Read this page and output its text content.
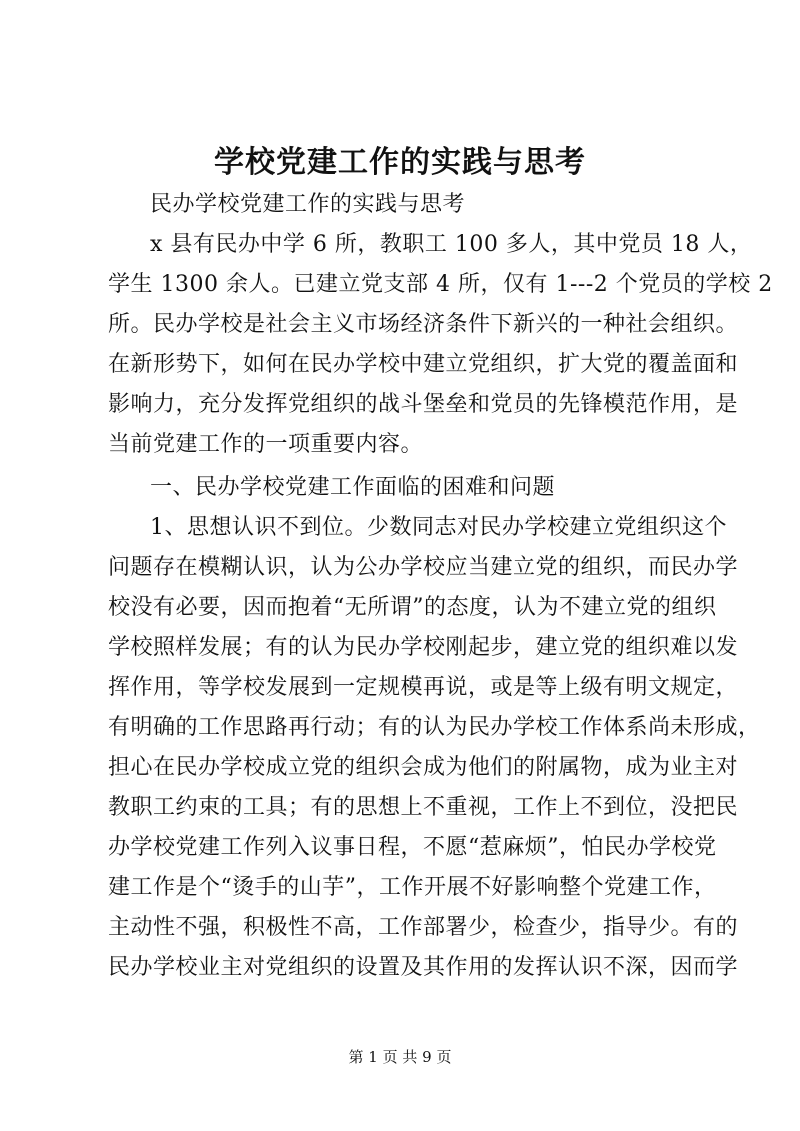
学校党建工作的实践与思考
民办学校党建工作的实践与思考
x 县有民办中学 6 所，教职工 100 多人，其中党员 18 人，
学生 1300 余人。已建立党支部 4 所，仅有 1---2 个党员的学校 2
所。民办学校是社会主义市场经济条件下新兴的一种社会组织。
在新形势下，如何在民办学校中建立党组织，扩大党的覆盖面和
影响力，充分发挥党组织的战斗堡垒和党员的先锋模范作用，是
当前党建工作的一项重要内容。
一、民办学校党建工作面临的困难和问题
1、思想认识不到位。少数同志对民办学校建立党组织这个
问题存在模糊认识，认为公办学校应当建立党的组织，而民办学
校没有必要，因而抱着“无所谓”的态度，认为不建立党的组织
学校照样发展；有的认为民办学校刚起步，建立党的组织难以发
挥作用，等学校发展到一定规模再说，或是等上级有明文规定，
有明确的工作思路再行动；有的认为民办学校工作体系尚未形成，
担心在民办学校成立党的组织会成为他们的附属物，成为业主对
教职工约束的工具；有的思想上不重视，工作上不到位，没把民
办学校党建工作列入议事日程，不愿“惹麻烦”，怕民办学校党
建工作是个“烫手的山芋”，工作开展不好影响整个党建工作，
主动性不强，积极性不高，工作部署少，检查少，指导少。有的
民办学校业主对党组织的设置及其作用的发挥认识不深，因而学
第 1 页 共 9 页
